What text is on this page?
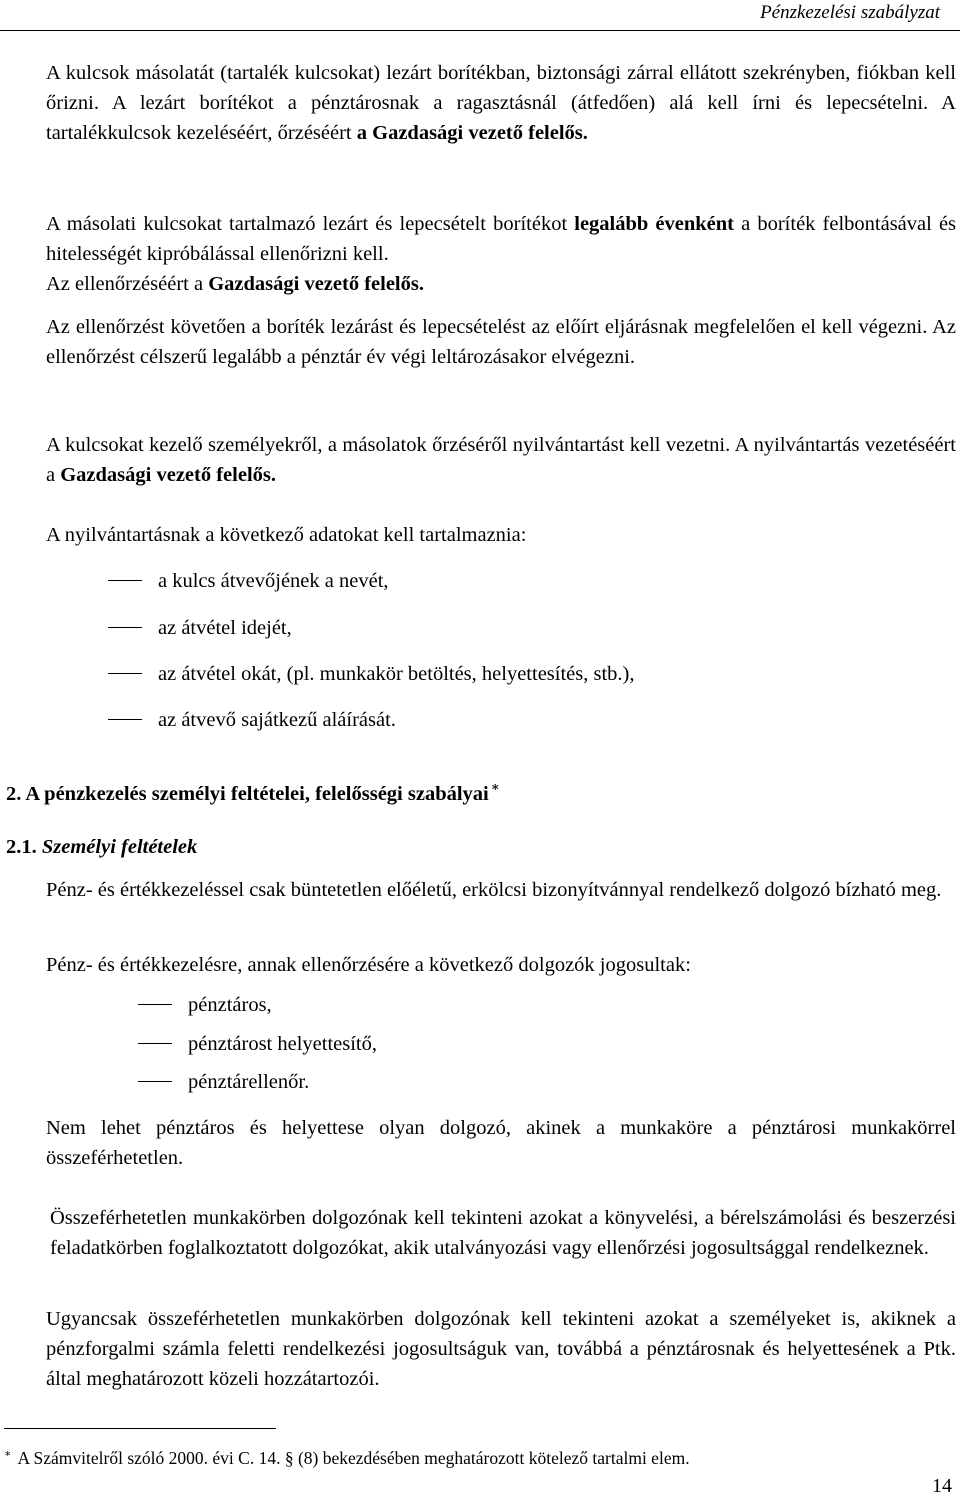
Pénzkezelési szabályzat

A kulcsok másolatát (tartalék kulcsokat) lezárt borítékban, biztonsági zárral ellátott szekrényben, fiókban kell őrizni. A lezárt borítékot a pénztárosnak a ragasztásnál (átfedően) alá kell írni és lepecsételni. A tartalékkulcsok kezeléséért, őrzéséért a Gazdasági vezető felelős.

A másolati kulcsokat tartalmazó lezárt és lepecsételt borítékot legalább évenként a boríték felbontásával és hitelességét kipróbálással ellenőrizni kell.

Az ellenőrzéséért a Gazdasági vezető felelős.

Az ellenőrzést követően a boríték lezárást és lepecsételést az előírt eljárásnak megfelelően el kell végezni. Az ellenőrzést célszerű legalább a pénztár év végi leltározásakor elvégezni.

A kulcsokat kezelő személyekről, a másolatok őrzéséről nyilvántartást kell vezetni. A nyilvántartás vezetéséért a Gazdasági vezető felelős.

A nyilvántartásnak a következő adatokat kell tartalmaznia:

a kulcs átvevőjének a nevét,
az átvétel idejét,
az átvétel okát, (pl. munkakör betöltés, helyettesítés, stb.),
az átvevő sajátkezű aláírását.
2. A pénzkezelés személyi feltételei, felelősségi szabályai ∗
2.1. Személyi feltételek

Pénz- és értékkezeléssel csak büntetetlen előéletű, erkölcsi bizonyítvánnyal rendelkező dolgozó bízható meg.

Pénz- és értékkezelésre, annak ellenőrzésére a következő dolgozók jogosultak:

pénztáros,
pénztárost helyettesítő,
pénztárellenőr.

Nem lehet pénztáros és helyettese olyan dolgozó, akinek a munkaköre a pénztárosi munkakörrel összeférhetetlen.

Összeférhetetlen munkakörben dolgozónak kell tekinteni azokat a könyvelési, a bérelszámolási és beszerzési feladatkörben foglalkoztatott dolgozókat, akik utalványozási vagy ellenőrzési jogosultsággal rendelkeznek.

Ugyancsak összeférhetetlen munkakörben dolgozónak kell tekinteni azokat a személyeket is, akiknek a pénzforgalmi számla feletti rendelkezési jogosultságuk van, továbbá a pénztárosnak és helyettesének a Ptk. által meghatározott közeli hozzátartozói.

∗ A Számvitelről szóló 2000. évi C. 14. § (8) bekezdésében meghatározott kötelező tartalmi elem.
14
